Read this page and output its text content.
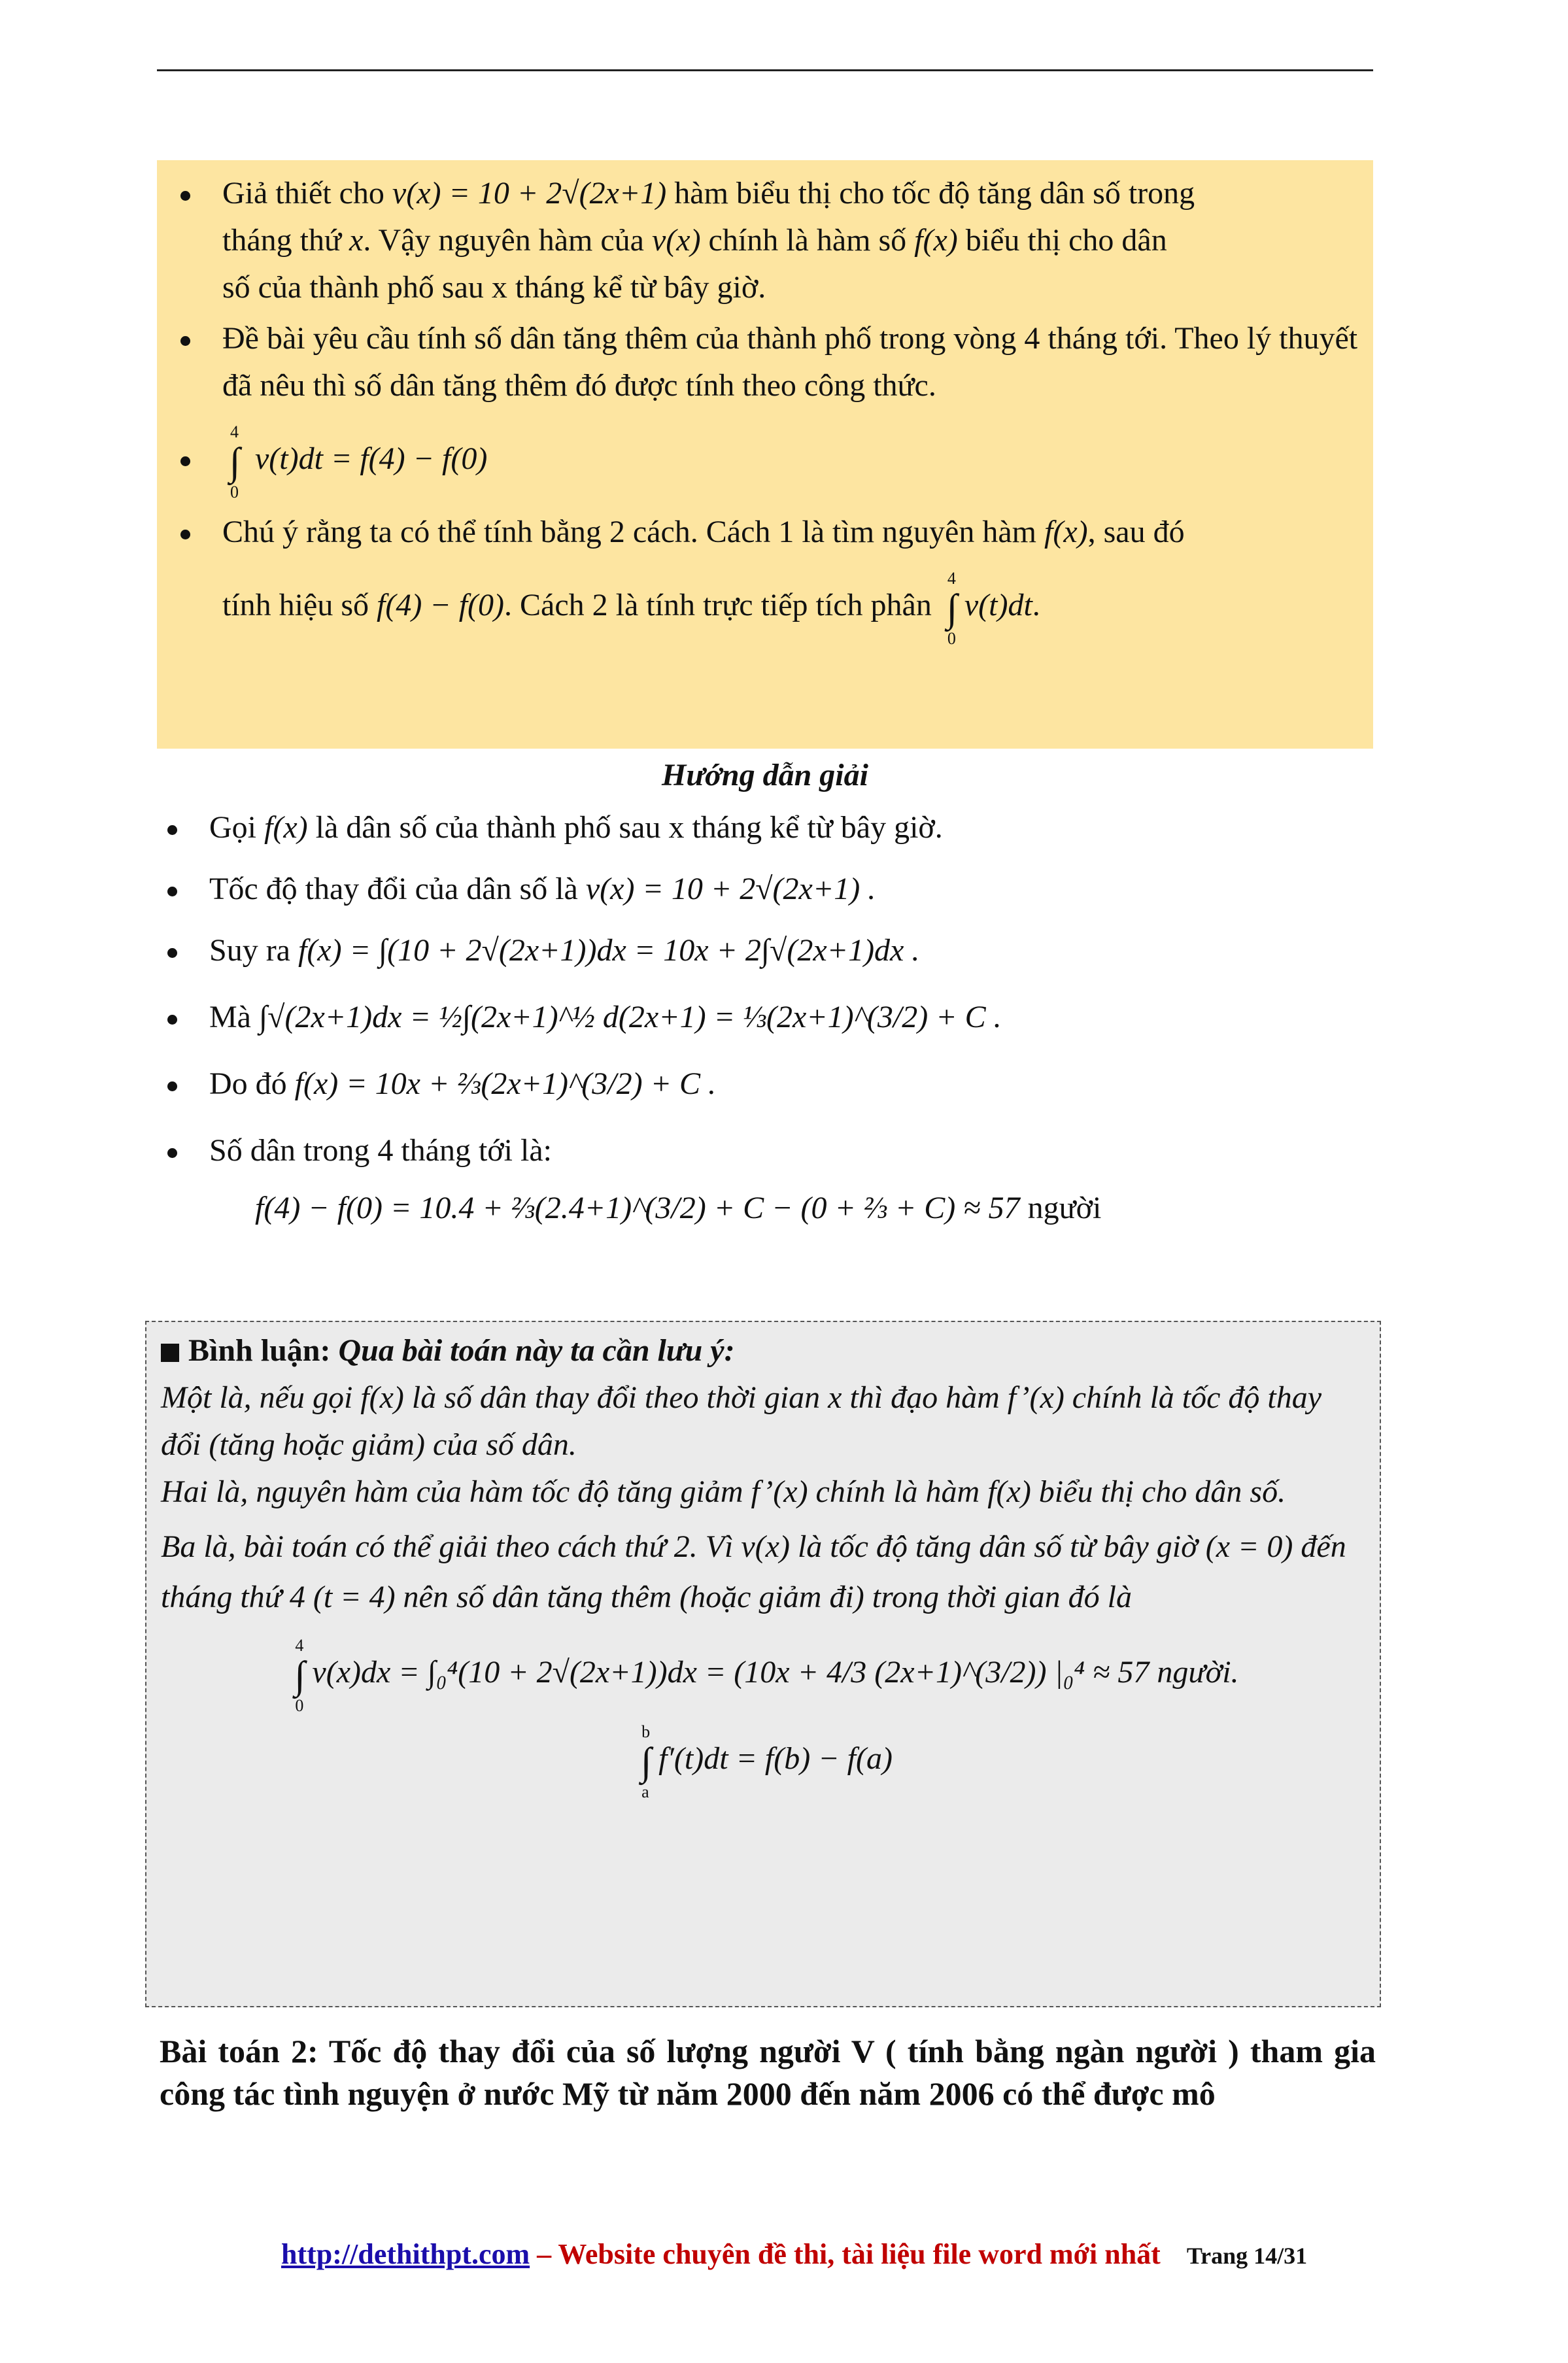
Giả thiết cho v(x) = 10 + 2√(2x+1) hàm biểu thị cho tốc độ tăng dân số trong
tháng thứ x. Vậy nguyên hàm của v(x) chính là hàm số f(x) biểu thị cho dân
số của thành phố sau x tháng kể từ bây giờ.
Đề bài yêu cầu tính số dân tăng thêm của thành phố trong vòng 4 tháng tới. Theo lý thuyết đã nêu thì số dân tăng thêm đó được tính theo công thức.
∫
4
0
v(t)dt = f(4) − f(0)
Chú ý rằng ta có thể tính bằng 2 cách. Cách 1 là tìm nguyên hàm f(x), sau đó
tính hiệu số f(4) − f(0). Cách 2 là tính trực tiếp tích phân ∫
4
0
v(t)dt.
Hướng dẫn giải
Gọi f(x) là dân số của thành phố sau x tháng kể từ bây giờ.
Tốc độ thay đổi của dân số là v(x) = 10 + 2√(2x+1) .
Suy ra f(x) = ∫(10 + 2√(2x+1))dx = 10x + 2∫√(2x+1)dx .
Mà ∫√(2x+1)dx = ½∫(2x+1)^½ d(2x+1) = ⅓(2x+1)^(3/2) + C .
Do đó f(x) = 10x + ⅔(2x+1)^(3/2) + C .
Số dân trong 4 tháng tới là:
f(4) − f(0) = 10.4 + ⅔(2.4+1)^(3/2) + C − (0 + ⅔ + C) ≈ 57 người

Bình luận: Qua bài toán này ta cần lưu ý:

Một là, nếu gọi f(x) là số dân thay đổi theo thời gian x thì đạo hàm f’(x) chính là tốc độ thay đổi (tăng hoặc giảm) của số dân.

Hai là, nguyên hàm của hàm tốc độ tăng giảm f’(x) chính là hàm f(x) biểu thị cho dân số.

Ba là, bài toán có thể giải theo cách thứ 2. Vì v(x) là tốc độ tăng dân số từ bây giờ (x = 0) đến tháng thứ 4 (t = 4) nên số dân tăng thêm (hoặc giảm đi) trong thời gian đó là

∫
4
0
v(x)dx = ∫₀⁴(10 + 2√(2x+1))dx = (10x + 4/3 (2x+1)^(3/2)) |₀⁴ ≈ 57 người.
∫
b
a
f′(t)dt = f(b) − f(a)
Bài toán 2: Tốc độ thay đổi của số lượng người V ( tính bằng ngàn người ) tham gia công tác tình nguyện ở nước Mỹ từ năm 2000 đến năm 2006 có thể được mô
http://dethithpt.com – Website chuyên đề thi, tài liệu file word mới nhất Trang 14/31
